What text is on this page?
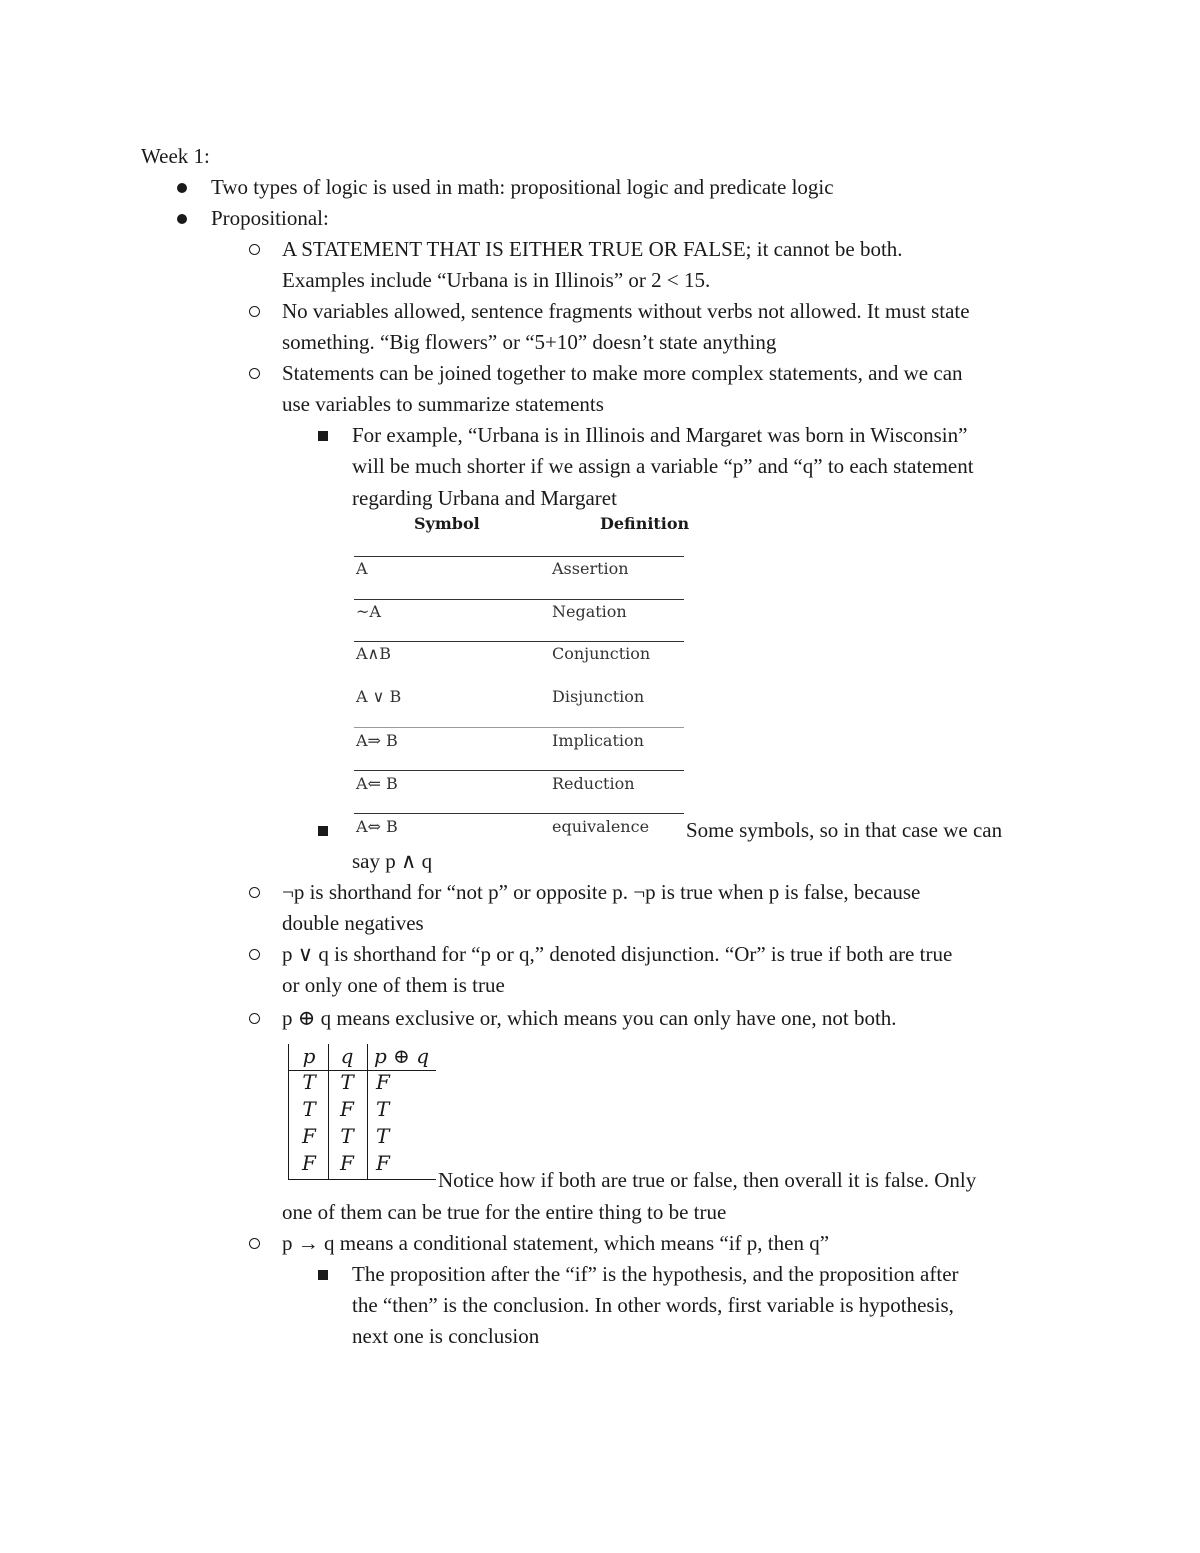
Week 1:
Two types of logic is used in math: propositional logic and predicate logic
Propositional:
A STATEMENT THAT IS EITHER TRUE OR FALSE; it cannot be both.
Examples include “Urbana is in Illinois” or 2 < 15.
No variables allowed, sentence fragments without verbs not allowed. It must state
something. “Big flowers” or “5+10” doesn’t state anything
Statements can be joined together to make more complex statements, and we can
use variables to summarize statements
For example, “Urbana is in Illinois and Margaret was born in Wisconsin”
will be much shorter if we assign a variable “p” and “q” to each statement
regarding Urbana and Margaret
Symbol	Definition
A	Assertion
~A	Negation
A∧B	Conjunction
A ∨ B	Disjunction
A⇒ B	Implication
A⇐ B	Reduction
A⇔ B	equivalence Some symbols, so in that case we can
say p ∧ q
¬p is shorthand for “not p” or opposite p. ¬p is true when p is false, because
double negatives
p ∨ q is shorthand for “p or q,” denoted disjunction. “Or” is true if both are true
or only one of them is true
p ⊕ q means exclusive or, which means you can only have one, not both.
p	q	p ⊕ q
T	T	F
T	F	T
F	T	T
F	F	F
Notice how if both are true or false, then overall it is false. Only
one of them can be true for the entire thing to be true
p → q means a conditional statement, which means “if p, then q”
The proposition after the “if” is the hypothesis, and the proposition after
the “then” is the conclusion. In other words, first variable is hypothesis,
next one is conclusion
